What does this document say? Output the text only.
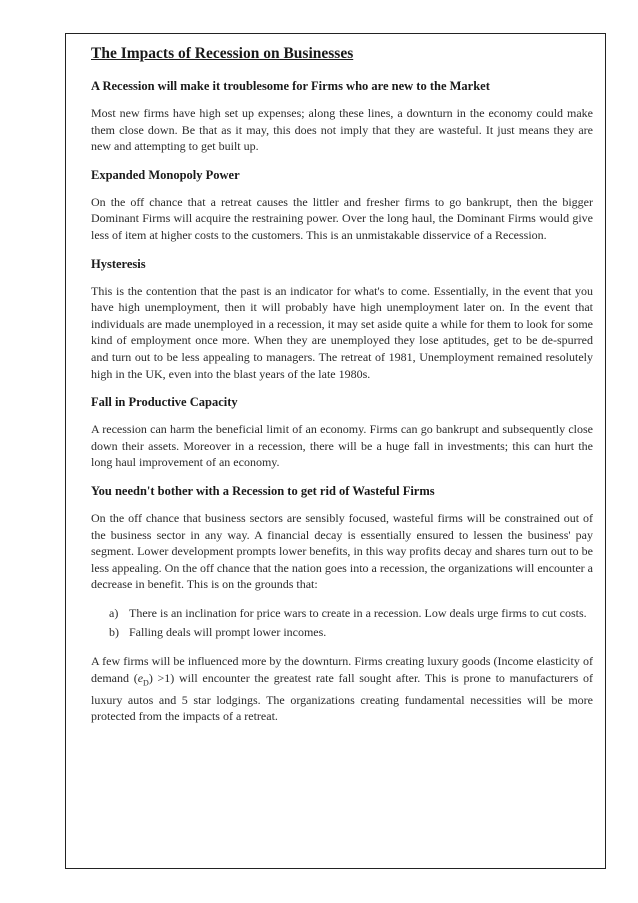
The Impacts of Recession on Businesses
A Recession will make it troublesome for Firms who are new to the Market

Most new firms have high set up expenses; along these lines, a downturn in the economy could make them close down. Be that as it may, this does not imply that they are wasteful. It just means they are new and attempting to get built up.

Expanded Monopoly Power

On the off chance that a retreat causes the littler and fresher firms to go bankrupt, then the bigger Dominant Firms will acquire the restraining power. Over the long haul, the Dominant Firms would give less of item at higher costs to the customers. This is an unmistakable disservice of a Recession.

Hysteresis

This is the contention that the past is an indicator for what's to come. Essentially, in the event that you have high unemployment, then it will probably have high unemployment later on. In the event that individuals are made unemployed in a recession, it may set aside quite a while for them to look for some kind of employment once more. When they are unemployed they lose aptitudes, get to be de-spurred and turn out to be less appealing to managers. The retreat of 1981, Unemployment remained resolutely high in the UK, even into the blast years of the late 1980s.

Fall in Productive Capacity

A recession can harm the beneficial limit of an economy. Firms can go bankrupt and subsequently close down their assets. Moreover in a recession, there will be a huge fall in investments; this can hurt the long haul improvement of an economy.

You needn't bother with a Recession to get rid of Wasteful Firms

On the off chance that business sectors are sensibly focused, wasteful firms will be constrained out of the business sector in any way. A financial decay is essentially ensured to lessen the business' pay segment. Lower development prompts lower benefits, in this way profits decay and shares turn out to be less appealing. On the off chance that the nation goes into a recession, the organizations will encounter a decrease in benefit. This is on the grounds that:

a) There is an inclination for price wars to create in a recession. Low deals urge firms to cut costs.
b) Falling deals will prompt lower incomes.

A few firms will be influenced more by the downturn. Firms creating luxury goods (Income elasticity of demand $(e_D) >1$) will encounter the greatest rate fall sought after. This is prone to manufacturers of luxury autos and 5 star lodgings. The organizations creating fundamental necessities will be more protected from the impacts of a retreat.
